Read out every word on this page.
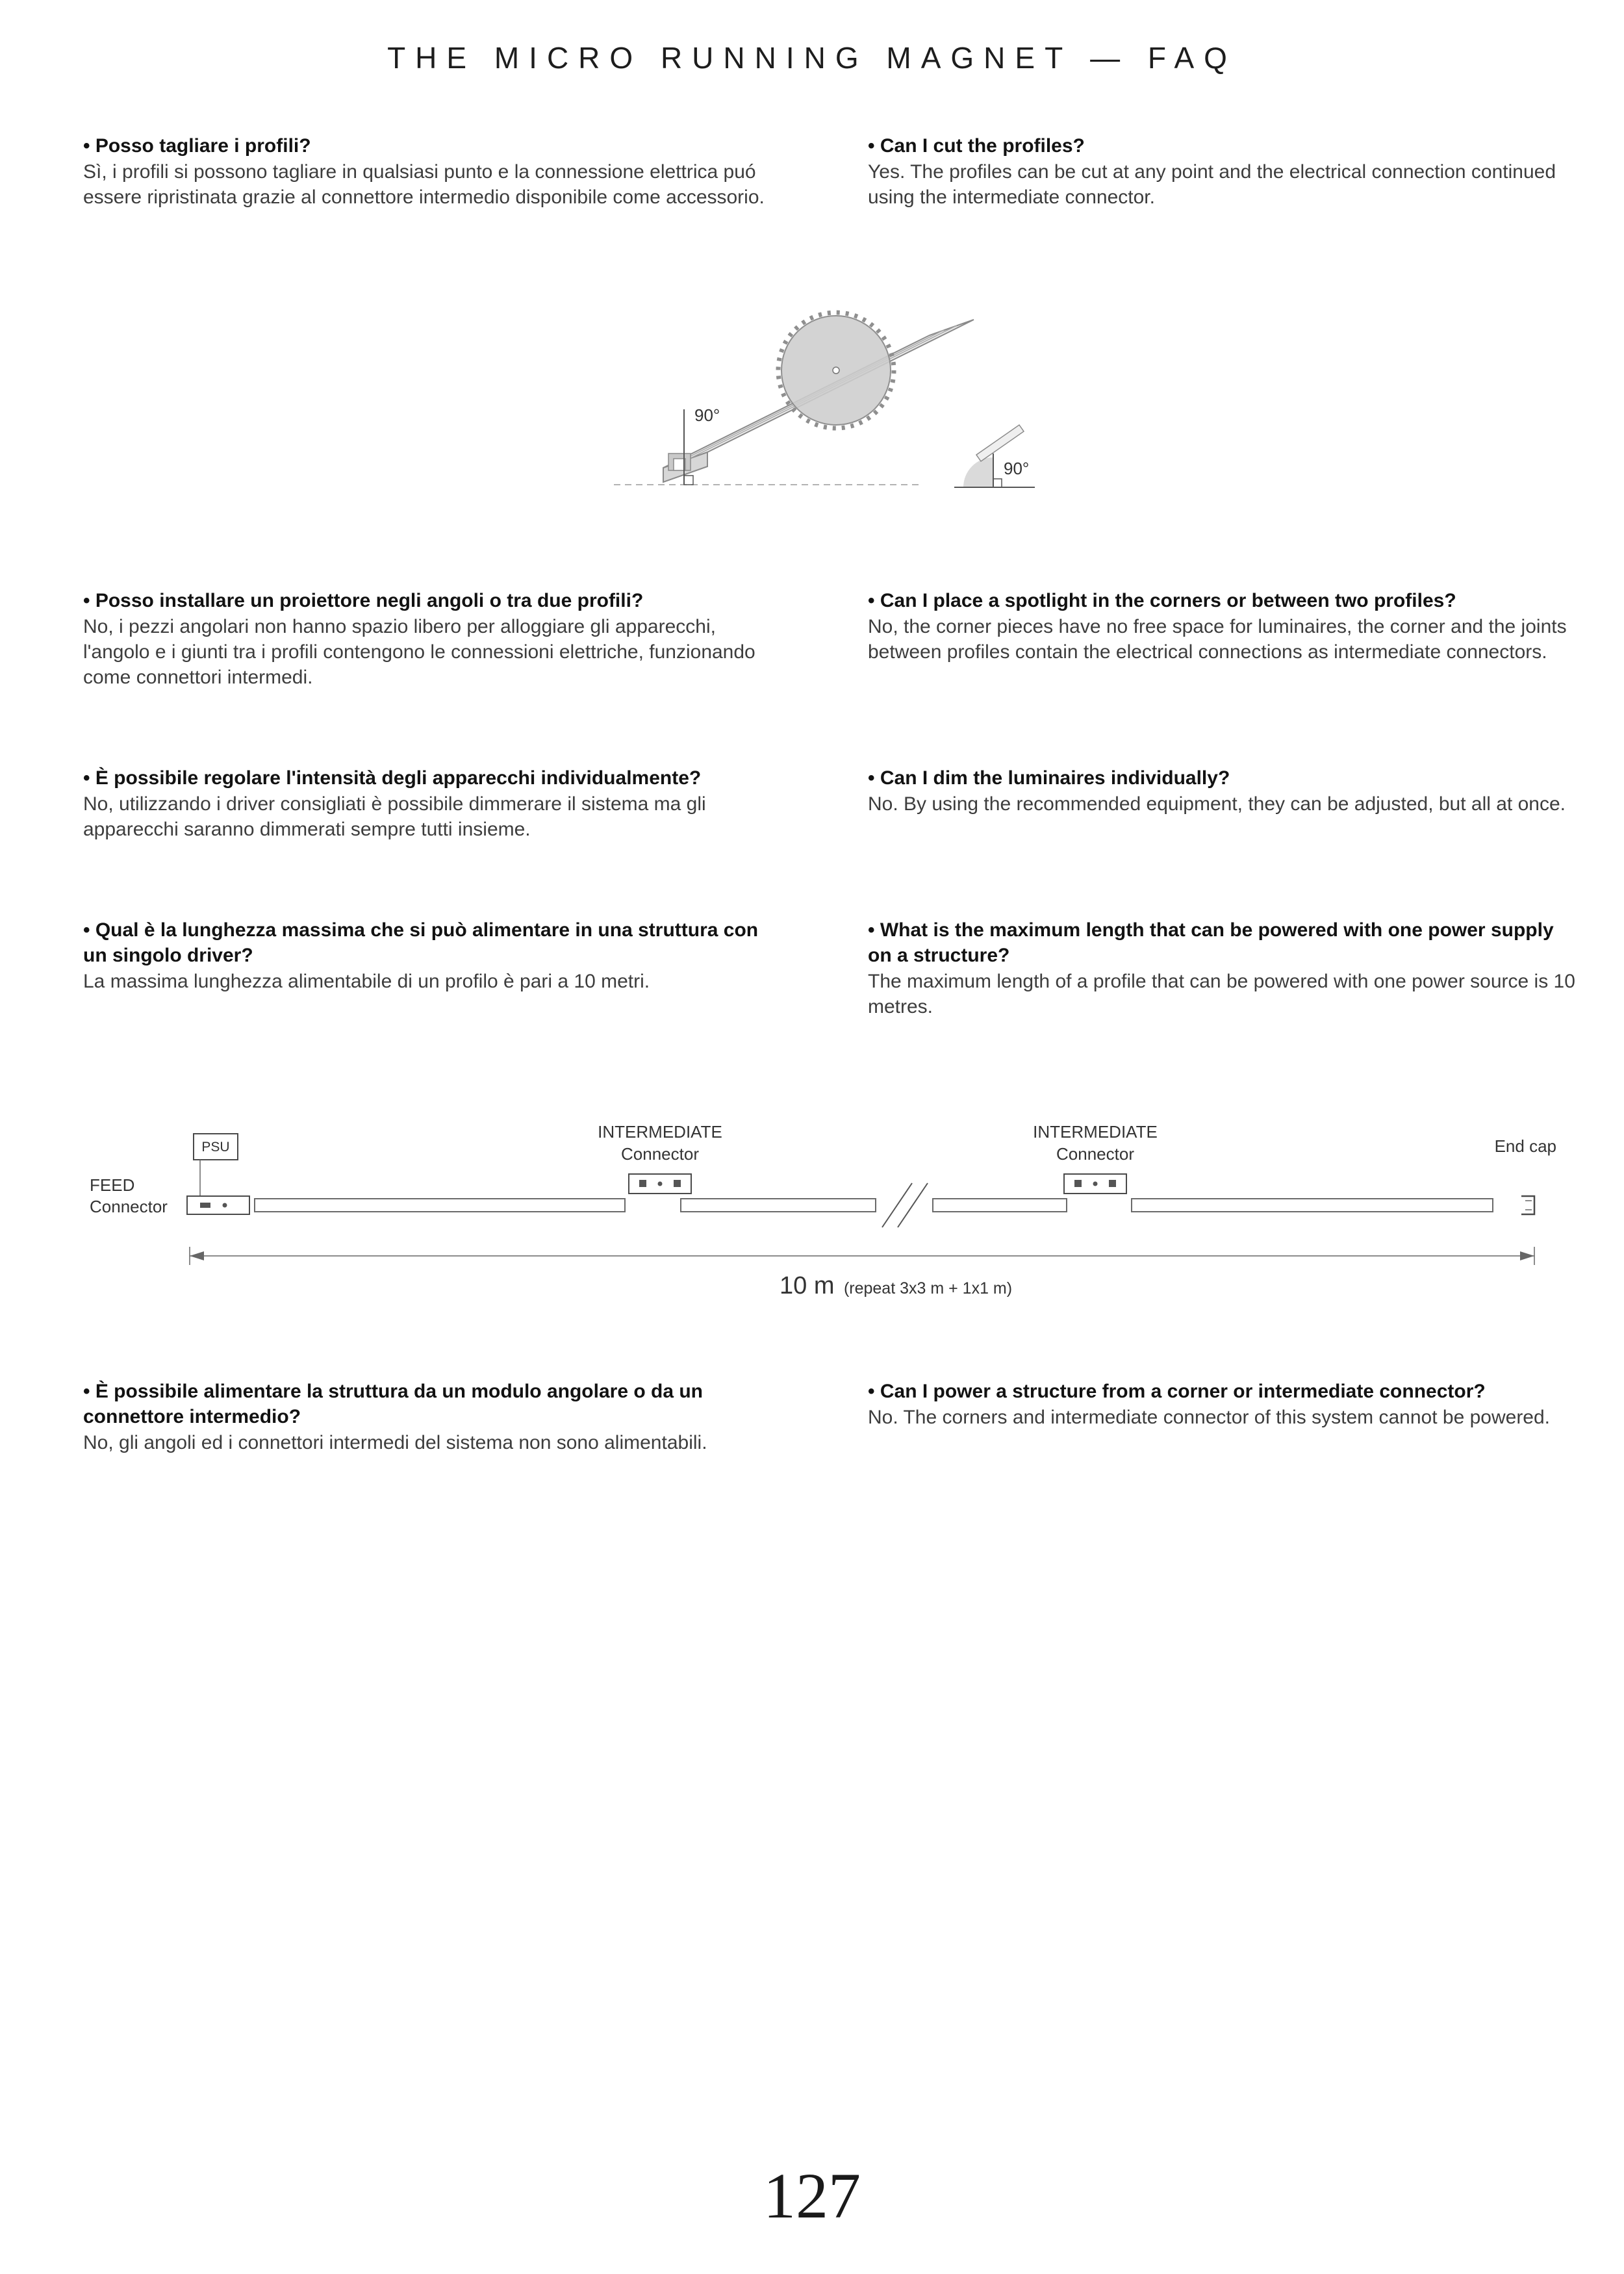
THE MICRO RUNNING MAGNET — FAQ

• Posso tagliare i profili?

Sì, i profili si possono tagliare in qualsiasi punto e la connessione elettrica puó essere ripristinata grazie al connettore intermedio disponibile come accessorio.

• Can I cut the profiles?

Yes. The profiles can be cut at any point and the electrical connection continued using the intermediate connector.

90°
90°

• Posso installare un proiettore negli angoli o tra due profili?

No, i pezzi angolari non hanno spazio libero per alloggiare gli apparecchi, l'angolo e i giunti tra i profili contengono le connessioni elettriche, funzionando come connettori intermedi.

• Can I place a spotlight in the corners or between two profiles?

No, the corner pieces have no free space for luminaires, the corner and the joints between profiles contain the electrical connections as intermediate connectors.

• È possibile regolare l'intensità degli apparecchi individualmente?

No, utilizzando i driver consigliati è possibile dimmerare il sistema ma gli apparecchi saranno dimmerati sempre tutti insieme.

• Can I dim the luminaires individually?

No. By using the recommended equipment, they can be adjusted, but all at once.

• Qual è la lunghezza massima che si può alimentare in una struttura con un singolo driver?

La massima lunghezza alimentabile di un profilo è pari a 10 metri.

• What is the maximum length that can be powered with one power supply on a structure?

The maximum length of a profile that can be powered with one power source is 10 metres.

FEED
Connector
PSU
INTERMEDIATE
Connector
INTERMEDIATE
Connector	End cap
10 m (repeat 3x3 m + 1x1 m)

• È possibile alimentare la struttura da un modulo angolare o da un connettore intermedio?

No, gli angoli ed i connettori intermedi del sistema non sono alimentabili.

• Can I power a structure from a corner or intermediate connector?

No. The corners and intermediate connector of this system cannot be powered.

127
